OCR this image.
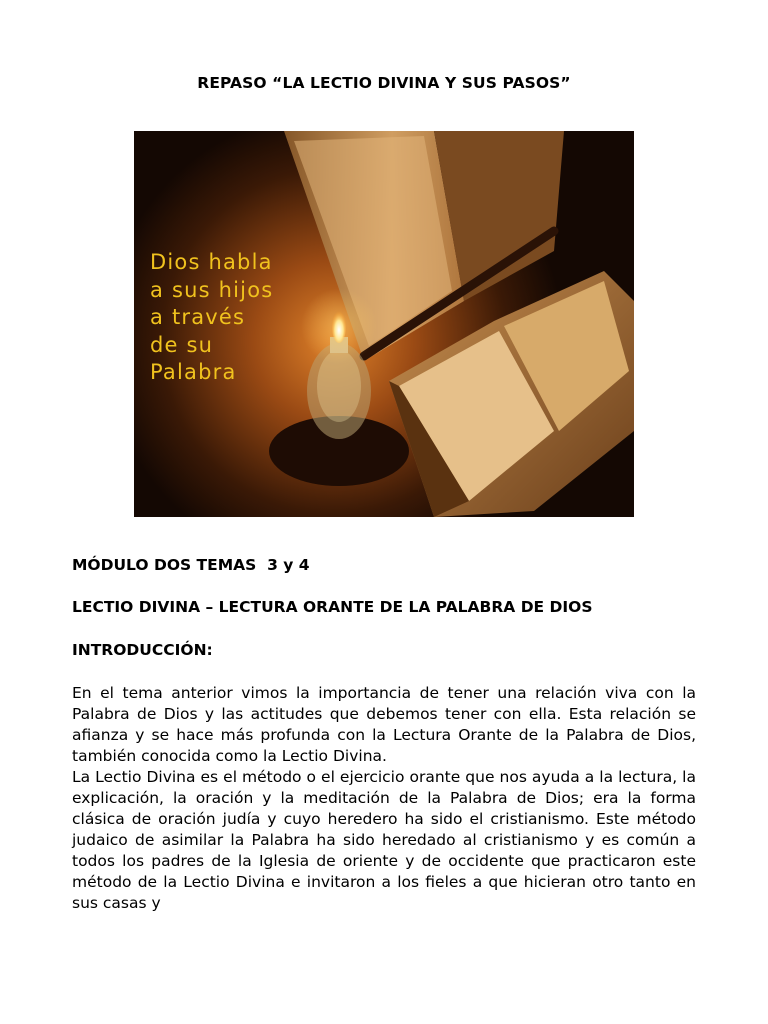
REPASO “LA LECTIO DIVINA Y SUS PASOS”
Dios habla
a sus hijos
a través
de su
Palabra
MÓDULO DOS TEMAS  3 y 4
LECTIO DIVINA – LECTURA ORANTE DE LA PALABRA DE DIOS
INTRODUCCIÓN:

En el tema anterior vimos la importancia de tener una relación viva con la Palabra de Dios y las actitudes que debemos tener con ella. Esta relación se afianza y se hace más profunda con la Lectura Orante de la Palabra de Dios, también conocida como la Lectio Divina.

La Lectio Divina es el método o el ejercicio orante que nos ayuda a la lectura, la explicación, la oración y la meditación de la Palabra de Dios; era la forma clásica de oración judía y cuyo heredero ha sido el cristianismo. Este método judaico de asimilar la Palabra ha sido heredado al cristianismo y es común a todos los padres de la Iglesia de oriente y de occidente que practicaron este método de la Lectio Divina e invitaron a los fieles a que hicieran otro tanto en sus casas y
